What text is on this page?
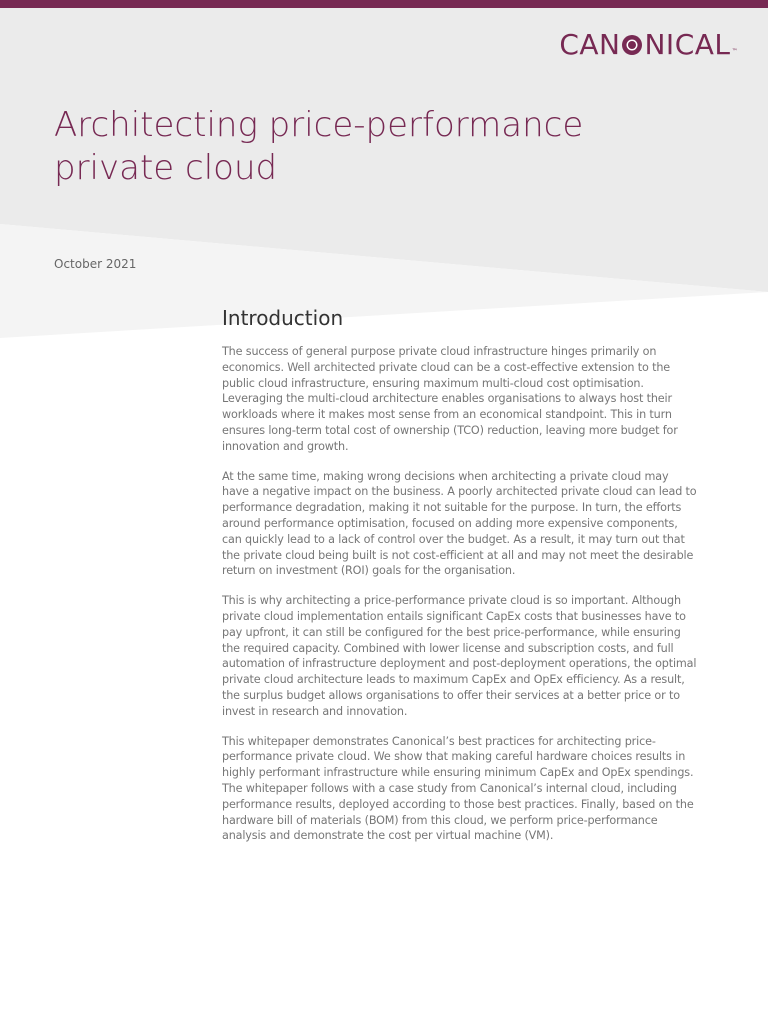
CAN NICAL ™
Architecting price-performance
private cloud
October 2021
Introduction

The success of general purpose private cloud infrastructure hinges primarily on economics. Well architected private cloud can be a cost-effective extension to the public cloud infrastructure, ensuring maximum multi-cloud cost optimisation. Leveraging the multi-cloud architecture enables organisations to always host their workloads where it makes most sense from an economical standpoint. This in turn ensures long-term total cost of ownership (TCO) reduction, leaving more budget for innovation and growth.

At the same time, making wrong decisions when architecting a private cloud may have a negative impact on the business. A poorly architected private cloud can lead to performance degradation, making it not suitable for the purpose. In turn, the efforts around performance optimisation, focused on adding more expensive components, can quickly lead to a lack of control over the budget. As a result, it may turn out that the private cloud being built is not cost-efficient at all and may not meet the desirable return on investment (ROI) goals for the organisation.

This is why architecting a price-performance private cloud is so important. Although private cloud implementation entails significant CapEx costs that businesses have to pay upfront, it can still be configured for the best price-performance, while ensuring the required capacity. Combined with lower license and subscription costs, and full automation of infrastructure deployment and post-deployment operations, the optimal private cloud architecture leads to maximum CapEx and OpEx efficiency. As a result, the surplus budget allows organisations to offer their services at a better price or to invest in research and innovation.

This whitepaper demonstrates Canonical’s best practices for architecting price-performance private cloud. We show that making careful hardware choices results in highly performant infrastructure while ensuring minimum CapEx and OpEx spendings. The whitepaper follows with a case study from Canonical’s internal cloud, including performance results, deployed according to those best practices. Finally, based on the hardware bill of materials (BOM) from this cloud, we perform price-performance analysis and demonstrate the cost per virtual machine (VM).
